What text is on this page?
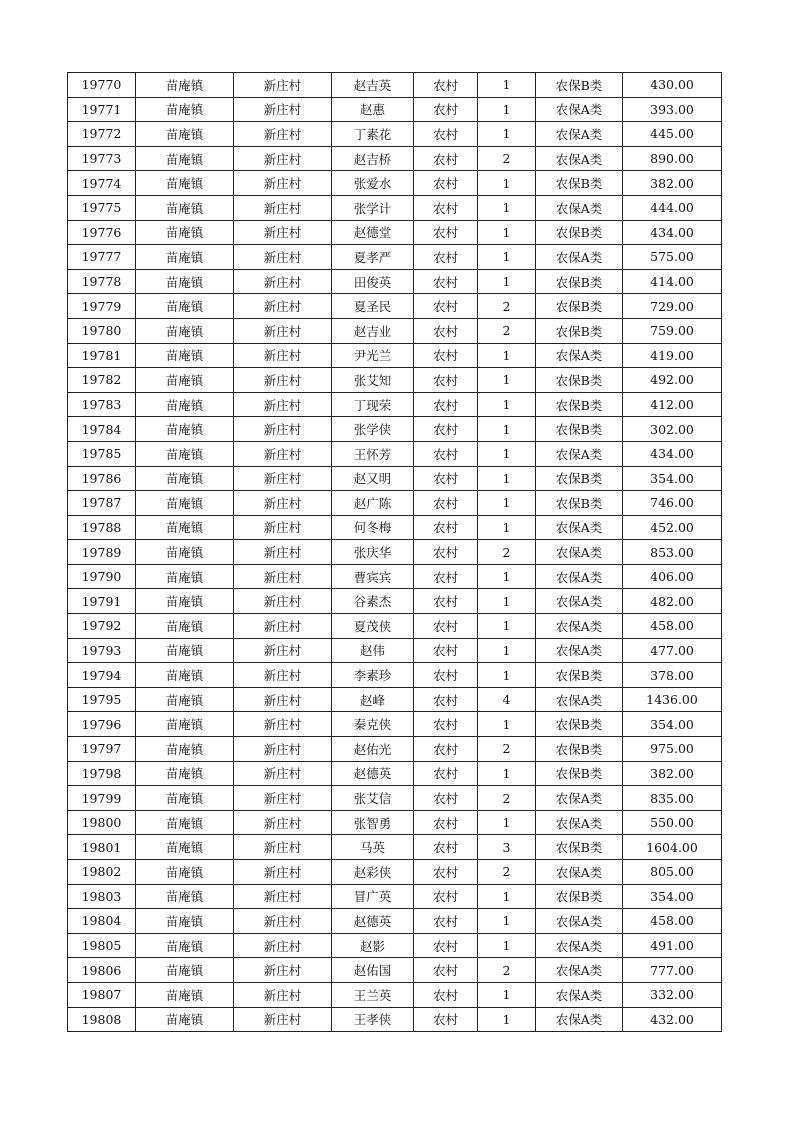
19770	苗庵镇	新庄村	赵吉英	农村	1	农保B类	430.00
19771	苗庵镇	新庄村	赵惠	农村	1	农保A类	393.00
19772	苗庵镇	新庄村	丁素花	农村	1	农保A类	445.00
19773	苗庵镇	新庄村	赵吉桥	农村	2	农保A类	890.00
19774	苗庵镇	新庄村	张爱水	农村	1	农保B类	382.00
19775	苗庵镇	新庄村	张学计	农村	1	农保A类	444.00
19776	苗庵镇	新庄村	赵德堂	农村	1	农保B类	434.00
19777	苗庵镇	新庄村	夏孝严	农村	1	农保A类	575.00
19778	苗庵镇	新庄村	田俊英	农村	1	农保B类	414.00
19779	苗庵镇	新庄村	夏圣民	农村	2	农保B类	729.00
19780	苗庵镇	新庄村	赵吉业	农村	2	农保B类	759.00
19781	苗庵镇	新庄村	尹光兰	农村	1	农保A类	419.00
19782	苗庵镇	新庄村	张艾知	农村	1	农保B类	492.00
19783	苗庵镇	新庄村	丁现荣	农村	1	农保B类	412.00
19784	苗庵镇	新庄村	张学侠	农村	1	农保B类	302.00
19785	苗庵镇	新庄村	王怀芳	农村	1	农保A类	434.00
19786	苗庵镇	新庄村	赵又明	农村	1	农保B类	354.00
19787	苗庵镇	新庄村	赵广陈	农村	1	农保B类	746.00
19788	苗庵镇	新庄村	何冬梅	农村	1	农保A类	452.00
19789	苗庵镇	新庄村	张庆华	农村	2	农保A类	853.00
19790	苗庵镇	新庄村	曹宾宾	农村	1	农保A类	406.00
19791	苗庵镇	新庄村	谷素杰	农村	1	农保A类	482.00
19792	苗庵镇	新庄村	夏茂侠	农村	1	农保A类	458.00
19793	苗庵镇	新庄村	赵伟	农村	1	农保A类	477.00
19794	苗庵镇	新庄村	李素珍	农村	1	农保B类	378.00
19795	苗庵镇	新庄村	赵峰	农村	4	农保A类	1436.00
19796	苗庵镇	新庄村	秦克侠	农村	1	农保B类	354.00
19797	苗庵镇	新庄村	赵佑光	农村	2	农保B类	975.00
19798	苗庵镇	新庄村	赵德英	农村	1	农保B类	382.00
19799	苗庵镇	新庄村	张艾信	农村	2	农保A类	835.00
19800	苗庵镇	新庄村	张智勇	农村	1	农保A类	550.00
19801	苗庵镇	新庄村	马英	农村	3	农保B类	1604.00
19802	苗庵镇	新庄村	赵彩侠	农村	2	农保A类	805.00
19803	苗庵镇	新庄村	冒广英	农村	1	农保B类	354.00
19804	苗庵镇	新庄村	赵德英	农村	1	农保A类	458.00
19805	苗庵镇	新庄村	赵影	农村	1	农保A类	491.00
19806	苗庵镇	新庄村	赵佑国	农村	2	农保A类	777.00
19807	苗庵镇	新庄村	王兰英	农村	1	农保A类	332.00
19808	苗庵镇	新庄村	王孝侠	农村	1	农保A类	432.00
